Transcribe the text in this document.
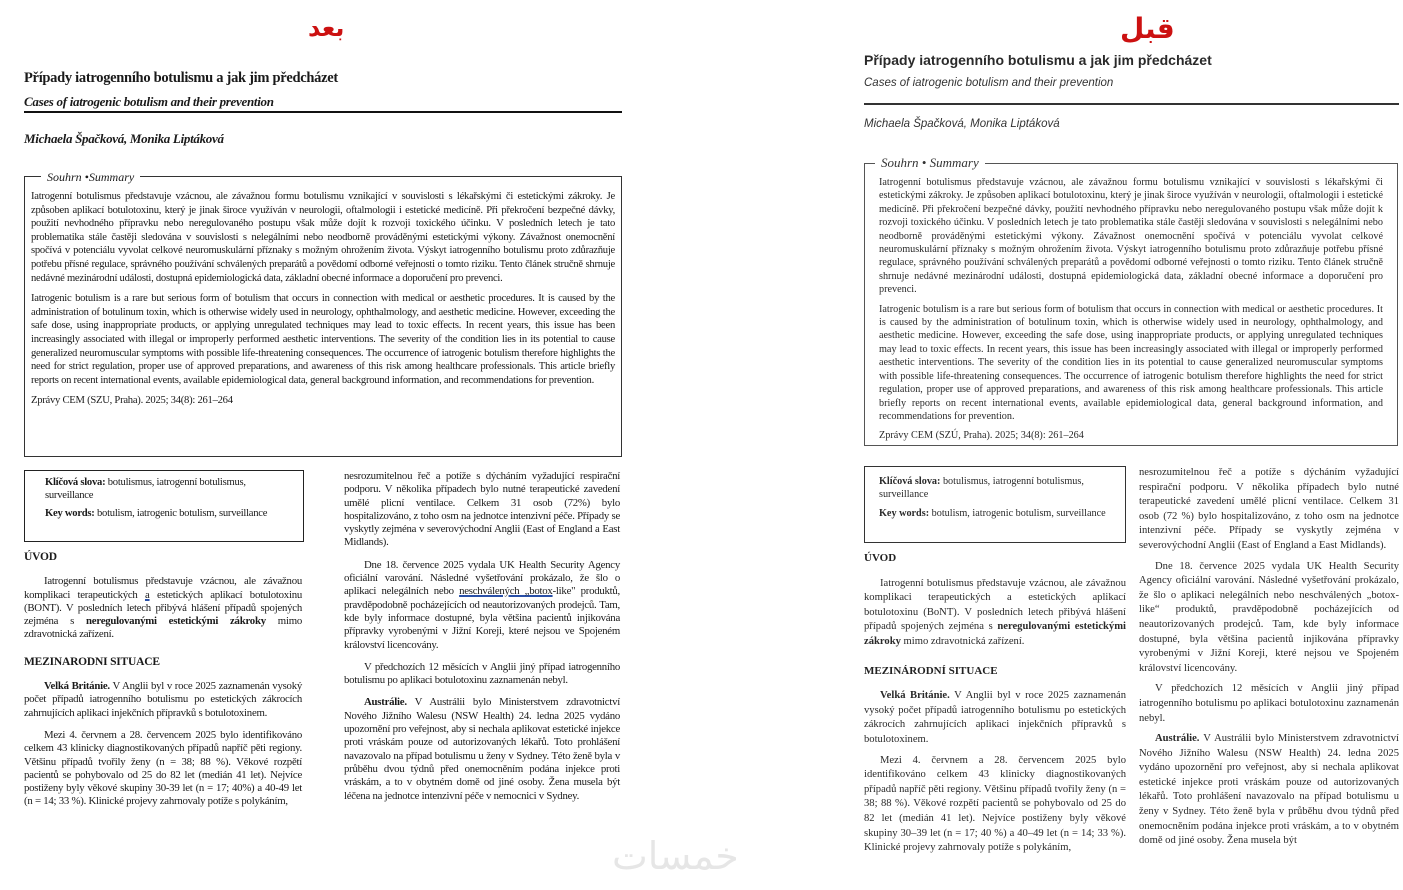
بعد	قبل
Případy iatrogenního botulismu a jak jim předcházet
Cases of iatrogenic botulism and their prevention
Michaela Špačková, Monika Liptáková
Souhrn •Summary

Iatrogenní botulismus představuje vzácnou, ale závažnou formu botulismu vznikající v souvislosti s lékařskými či estetickými zákroky. Je způsoben aplikací botulotoxinu, který je jinak široce využíván v neurologii, oftalmologii i estetické medicíně. Při překročení bezpečné dávky, použití nevhodného přípravku nebo neregulovaného postupu však může dojít k rozvoji toxického účinku. V posledních letech je tato problematika stále častěji sledována v souvislosti s nelegálními nebo neodborně prováděnými estetickými výkony. Závažnost onemocnění spočívá v potenciálu vyvolat celkové neuromuskulární příznaky s možným ohrožením života. Výskyt iatrogenního botulismu proto zdůrazňuje potřebu přísné regulace, správného používání schválených preparátů a povědomí odborné veřejnosti o tomto riziku. Tento článek stručně shrnuje nedávné mezinárodní události, dostupná epidemiologická data, základní obecné informace a doporučení pro prevenci.

Iatrogenic botulism is a rare but serious form of botulism that occurs in connection with medical or aesthetic procedures. It is caused by the administration of botulinum toxin, which is otherwise widely used in neurology, ophthalmology, and aesthetic medicine. However, exceeding the safe dose, using inappropriate products, or applying unregulated techniques may lead to toxic effects. In recent years, this issue has been increasingly associated with illegal or improperly performed aesthetic interventions. The severity of the condition lies in its potential to cause generalized neuromuscular symptoms with possible life-threatening consequences. The occurrence of iatrogenic botulism therefore highlights the need for strict regulation, proper use of approved preparations, and awareness of this risk among healthcare professionals. This article briefly reports on recent international events, available epidemiological data, general background information, and recommendations for prevention.

Zprávy CEM (SZU, Praha). 2025; 34(8): 261–264

Klíčová slova: botulismus, iatrogenní botulismus, surveillance

Key words: botulism, iatrogenic botulism, surveillance

ÚVOD

Iatrogenní botulismus představuje vzácnou, ale závažnou komplikaci terapeutických a estetických aplikací botulotoxinu (BONT). V posledních letech přibývá hlášení případů spojených zejména s neregulovanými estetickými zákroky mimo zdravotnická zařízení.

MEZINARODNI SITUACE

Velká Británie. V Anglii byl v roce 2025 zaznamenán vysoký počet případů iatrogenního botulismu po estetických zákrocích zahrnujících aplikaci injekčních přípravků s botulotoxinem.

Mezi 4. červnem a 28. červencem 2025 bylo identifikováno celkem 43 klinicky diagnostikovaných případů napříč pěti regiony. Většinu případů tvořily ženy (n = 38; 88 %). Věkové rozpětí pacientů se pohybovalo od 25 do 82 let (medián 41 let). Nejvíce postiženy byly věkové skupiny 30-39 let (n = 17; 40%) a 40-49 let (n = 14; 33 %). Klinické projevy zahrnovaly potíže s polykáním,

nesrozumitelnou řeč a potíže s dýcháním vyžadující respirační podporu. V několika případech bylo nutné terapeutické zavedení umělé plicní ventilace. Celkem 31 osob (72%) bylo hospitalizováno, z toho osm na jednotce intenzivní péče. Případy se vyskytly zejména v severovýchodní Anglii (East of England a East Midlands).

Dne 18. července 2025 vydala UK Health Security Agency oficiální varování. Následné vyšetřování prokázalo, že šlo o aplikaci nelegálních nebo neschválených „botox-like" produktů, pravděpodobně pocházejících od neautorizovaných prodejců. Tam, kde byly informace dostupné, byla většina pacientů injikována přípravky vyrobenými v Jižní Koreji, které nejsou ve Spojeném království licencovány.

V předchozích 12 měsících v Anglii jiný případ iatrogenního botulismu po aplikaci botulotoxinu zaznamenán nebyl.

Austrálie. V Austrálii bylo Ministerstvem zdravotnictví Nového Jižního Walesu (NSW Health) 24. ledna 2025 vydáno upozornění pro veřejnost, aby si nechala aplikovat estetické injekce proti vráskám pouze od autorizovaných lékařů. Toto prohlášení navazovalo na případ botulismu u ženy v Sydney. Této ženě byla v průběhu dvou týdnů před onemocněním podána injekce proti vráskám, a to v obytném domě od jiné osoby. Žena musela být léčena na jednotce intenzivní péče v nemocnici v Sydney.

Případy iatrogenního botulismu a jak jim předcházet
Cases of iatrogenic botulism and their prevention
Michaela Špačková, Monika Liptáková
Souhrn • Summary

Iatrogenní botulismus představuje vzácnou, ale závažnou formu botulismu vznikající v souvislosti s lékařskými či estetickými zákroky. Je způsoben aplikací botulotoxinu, který je jinak široce využíván v neurologii, oftalmologii i estetické medicíně. Při překročení bezpečné dávky, použití nevhodného přípravku nebo neregulovaného postupu však může dojít k rozvoji toxického účinku. V posledních letech je tato problematika stále častěji sledována v souvislosti s nelegálními nebo neodborně prováděnými estetickými výkony. Závažnost onemocnění spočívá v potenciálu vyvolat celkové neuromuskulární příznaky s možným ohrožením života. Výskyt iatrogenního botulismu proto zdůrazňuje potřebu přísné regulace, správného používání schválených preparátů a povědomí odborné veřejnosti o tomto riziku. Tento článek stručně shrnuje nedávné mezinárodní události, dostupná epidemiologická data, základní obecné informace a doporučení pro prevenci.

Iatrogenic botulism is a rare but serious form of botulism that occurs in connection with medical or aesthetic procedures. It is caused by the administration of botulinum toxin, which is otherwise widely used in neurology, ophthalmology, and aesthetic medicine. However, exceeding the safe dose, using inappropriate products, or applying unregulated techniques may lead to toxic effects. In recent years, this issue has been increasingly associated with illegal or improperly performed aesthetic interventions. The severity of the condition lies in its potential to cause generalized neuromuscular symptoms with possible life-threatening consequences. The occurrence of iatrogenic botulism therefore highlights the need for strict regulation, proper use of approved preparations, and awareness of this risk among healthcare professionals. This article briefly reports on recent international events, available epidemiological data, general background information, and recommendations for prevention.

Zprávy CEM (SZÚ, Praha). 2025; 34(8): 261–264

Klíčová slova: botulismus, iatrogenní botulismus, surveillance

Key words: botulism, iatrogenic botulism, surveillance

ÚVOD

Iatrogenní botulismus představuje vzácnou, ale závažnou komplikaci terapeutických a estetických aplikací botulotoxinu (BoNT). V posledních letech přibývá hlášení případů spojených zejména s neregulovanými estetickými zákroky mimo zdravotnická zařízení.

MEZINÁRODNÍ SITUACE

Velká Británie. V Anglii byl v roce 2025 zaznamenán vysoký počet případů iatrogenního botulismu po estetických zákrocích zahrnujících aplikaci injekčních přípravků s botulotoxinem.

Mezi 4. červnem a 28. červencem 2025 bylo identifikováno celkem 43 klinicky diagnostikovaných případů napříč pěti regiony. Většinu případů tvořily ženy (n = 38; 88 %). Věkové rozpětí pacientů se pohybovalo od 25 do 82 let (medián 41 let). Nejvíce postiženy byly věkové skupiny 30–39 let (n = 17; 40 %) a 40–49 let (n = 14; 33 %). Klinické projevy zahrnovaly potíže s polykáním,

nesrozumitelnou řeč a potíže s dýcháním vyžadující respirační podporu. V několika případech bylo nutné terapeutické zavedení umělé plicní ventilace. Celkem 31 osob (72 %) bylo hospitalizováno, z toho osm na jednotce intenzivní péče. Případy se vyskytly zejména v severovýchodní Anglii (East of England a East Midlands).

Dne 18. července 2025 vydala UK Health Security Agency oficiální varování. Následné vyšetřování prokázalo, že šlo o aplikaci nelegálních nebo neschválených „botox-like“ produktů, pravděpodobně pocházejících od neautorizovaných prodejců. Tam, kde byly informace dostupné, byla většina pacientů injikována přípravky vyrobenými v Jižní Koreji, které nejsou ve Spojeném království licencovány.

V předchozích 12 měsících v Anglii jiný případ iatrogenního botulismu po aplikaci botulotoxinu zaznamenán nebyl.

Austrálie. V Austrálii bylo Ministerstvem zdravotnictví Nového Jižního Walesu (NSW Health) 24. ledna 2025 vydáno upozornění pro veřejnost, aby si nechala aplikovat estetické injekce proti vráskám pouze od autorizovaných lékařů. Toto prohlášení navazovalo na případ botulismu u ženy v Sydney. Této ženě byla v průběhu dvou týdnů před onemocněním podána injekce proti vráskám, a to v obytném domě od jiné osoby. Žena musela být

خمسات
